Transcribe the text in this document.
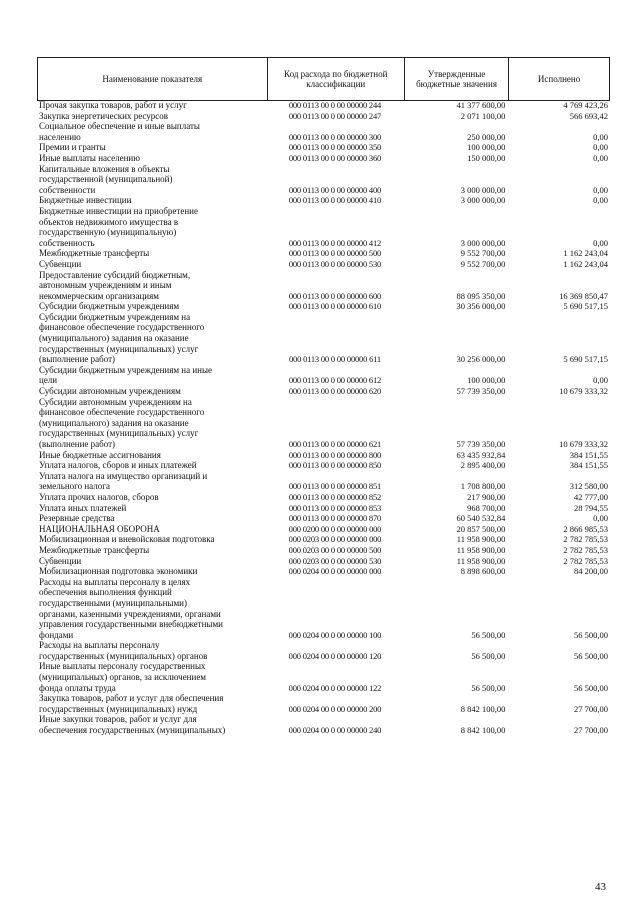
Наименование показателя	Код расхода по бюджетной классификации	Утвержденные бюджетные значения	Исполнено
Прочая закупка товаров, работ и услуг	000 0113 00 0 00 00000 244	41 377 600,00	4 769 423,26
Закупка энергетических ресурсов	000 0113 00 0 00 00000 247	2 071 100,00	566 693,42
Социальное обеспечение и иные выплаты
населению	000 0113 00 0 00 00000 300	250 000,00	0,00
Премии и гранты	000 0113 00 0 00 00000 350	100 000,00	0,00
Иные выплаты населению	000 0113 00 0 00 00000 360	150 000,00	0,00
Капитальные вложения в объекты
государственной (муниципальной)
собственности	000 0113 00 0 00 00000 400	3 000 000,00	0,00
Бюджетные инвестиции	000 0113 00 0 00 00000 410	3 000 000,00	0,00
Бюджетные инвестиции на приобретение
объектов недвижимого имущества в
государственную (муниципальную)
собственность	000 0113 00 0 00 00000 412	3 000 000,00	0,00
Межбюджетные трансферты	000 0113 00 0 00 00000 500	9 552 700,00	1 162 243,04
Субвенции	000 0113 00 0 00 00000 530	9 552 700,00	1 162 243,04
Предоставление субсидий бюджетным,
автономным учреждениям и иным
некоммерческим организациям	000 0113 00 0 00 00000 600	88 095 350,00	16 369 850,47
Субсидии бюджетным учреждениям	000 0113 00 0 00 00000 610	30 356 000,00	5 690 517,15
Субсидии бюджетным учреждениям на
финансовое обеспечение государственного
(муниципального) задания на оказание
государственных (муниципальных) услуг
(выполнение работ)	000 0113 00 0 00 00000 611	30 256 000,00	5 690 517,15
Субсидии бюджетным учреждениям на иные
цели	000 0113 00 0 00 00000 612	100 000,00	0,00
Субсидии автономным учреждениям	000 0113 00 0 00 00000 620	57 739 350,00	10 679 333,32
Субсидии автономным учреждениям на
финансовое обеспечение государственного
(муниципального) задания на оказание
государственных (муниципальных) услуг
(выполнение работ)	000 0113 00 0 00 00000 621	57 739 350,00	10 679 333,32
Иные бюджетные ассигнования	000 0113 00 0 00 00000 800	63 435 932,84	384 151,55
Уплата налогов, сборов и иных платежей	000 0113 00 0 00 00000 850	2 895 400,00	384 151,55
Уплата налога на имущество организаций и
земельного налога	000 0113 00 0 00 00000 851	1 708 800,00	312 580,00
Уплата прочих налогов, сборов	000 0113 00 0 00 00000 852	217 900,00	42 777,00
Уплата иных платежей	000 0113 00 0 00 00000 853	968 700,00	28 794,55
Резервные средства	000 0113 00 0 00 00000 870	60 540 532,84	0,00
НАЦИОНАЛЬНАЯ ОБОРОНА	000 0200 00 0 00 00000 000	20 857 500,00	2 866 985,53
Мобилизационная и вневойсковая подготовка	000 0203 00 0 00 00000 000	11 958 900,00	2 782 785,53
Межбюджетные трансферты	000 0203 00 0 00 00000 500	11 958 900,00	2 782 785,53
Субвенции	000 0203 00 0 00 00000 530	11 958 900,00	2 782 785,53
Мобилизационная подготовка экономики	000 0204 00 0 00 00000 000	8 898 600,00	84 200,00
Расходы на выплаты персоналу в целях
обеспечения выполнения функций
государственными (муниципальными)
органами, казенными учреждениями, органами
управления государственными внебюджетными
фондами	000 0204 00 0 00 00000 100	56 500,00	56 500,00
Расходы на выплаты персоналу
государственных (муниципальных) органов	000 0204 00 0 00 00000 120	56 500,00	56 500,00
Иные выплаты персоналу государственных
(муниципальных) органов, за исключением
фонда оплаты труда	000 0204 00 0 00 00000 122	56 500,00	56 500,00
Закупка товаров, работ и услуг для обеспечения
государственных (муниципальных) нужд	000 0204 00 0 00 00000 200	8 842 100,00	27 700,00
Иные закупки товаров, работ и услуг для
обеспечения государственных (муниципальных)	000 0204 00 0 00 00000 240	8 842 100,00	27 700,00
43
